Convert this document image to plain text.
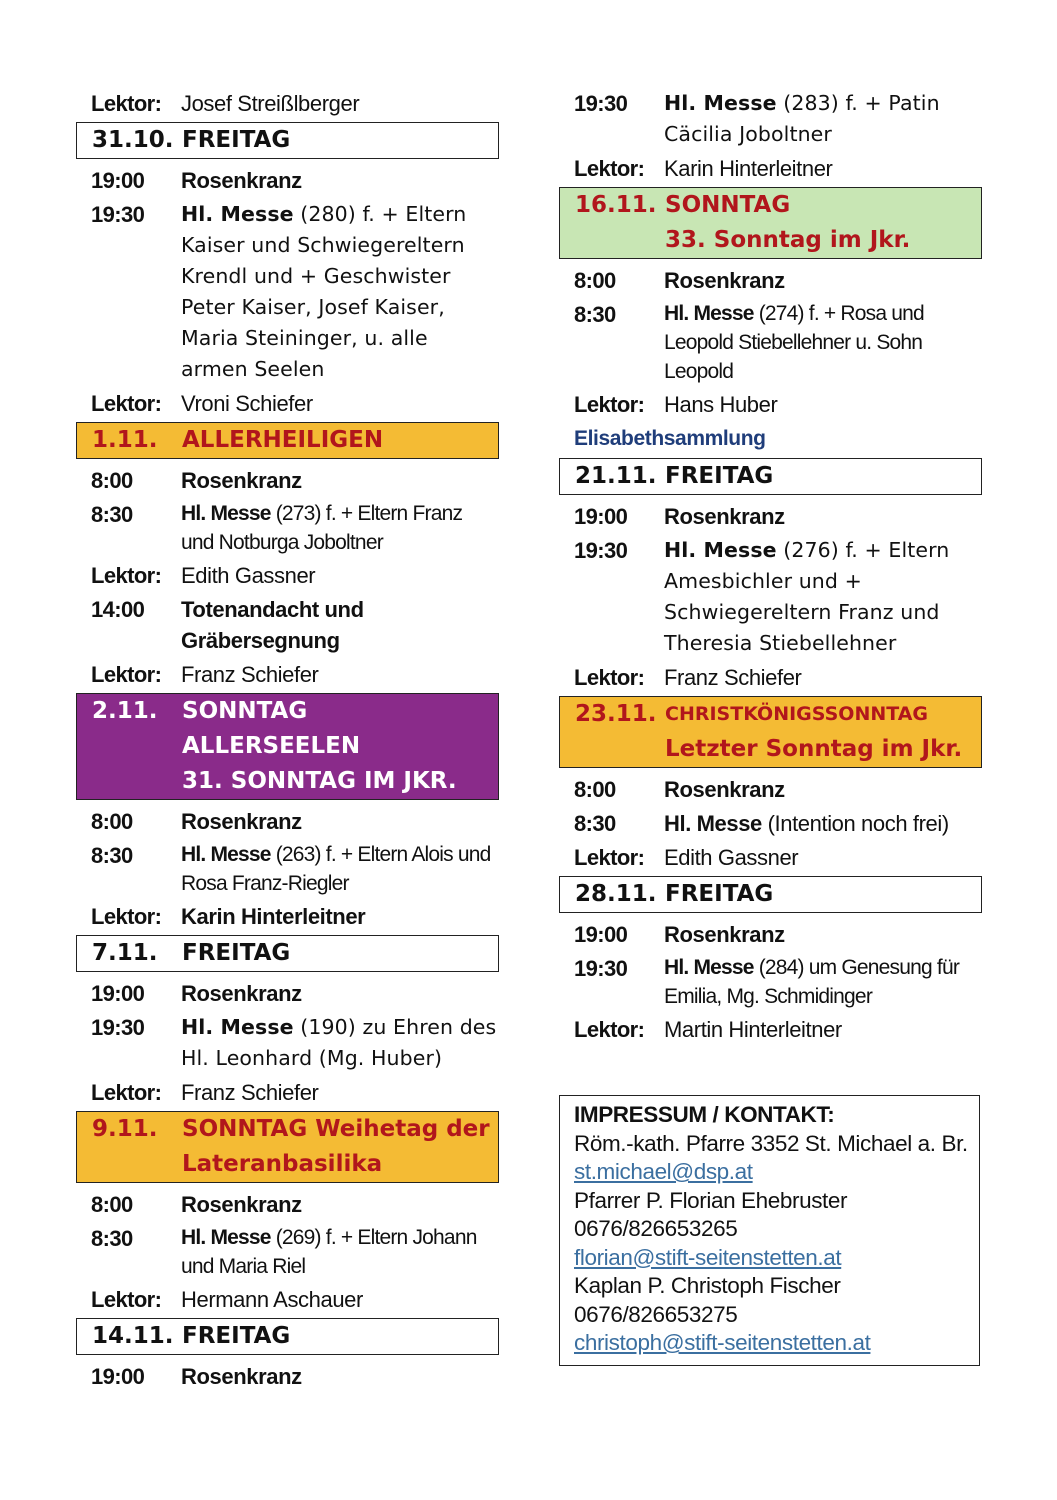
Lektor: Josef Streißlberger
31.10. FREITAG
19:00	Rosenkranz
19:30	Hl. Messe (280) f. + Eltern Kaiser und Schwiegereltern Krendl und + Geschwister Peter Kaiser, Josef Kaiser, Maria Steininger, u. alle armen Seelen
Lektor: Vroni Schiefer
1.11.	ALLERHEILIGEN
8:00	Rosenkranz
8:30	Hl. Messe (273) f. + Eltern Franz und Notburga Joboltner
Lektor: Edith Gassner
14:00	Totenandacht und Gräbersegnung
Lektor: Franz Schiefer
2.11.	SONNTAG
ALLERSEELEN
31. SONNTAG IM JKR.
8:00	Rosenkranz
8:30	Hl. Messe (263) f. + Eltern Alois und Rosa Franz-Riegler
Lektor: Karin Hinterleitner
7.11.	FREITAG
19:00	Rosenkranz
19:30	Hl. Messe (190) zu Ehren des Hl. Leonhard (Mg. Huber)
Lektor: Franz Schiefer
9.11.	SONNTAG Weihetag der Lateranbasilika
8:00	Rosenkranz
8:30	Hl. Messe (269) f. + Eltern Johann und Maria Riel
Lektor: Hermann Aschauer
14.11. FREITAG
19:00	Rosenkranz
19:30	Hl. Messe (283) f. + Patin Cäcilia Joboltner
Lektor: Karin Hinterleitner
16.11. SONNTAG
33. Sonntag im Jkr.
8:00	Rosenkranz
8:30	Hl. Messe (274) f. + Rosa und Leopold Stiebellehner u. Sohn Leopold
Lektor: Hans Huber
Elisabethsammlung
21.11. FREITAG
19:00	Rosenkranz
19:30	Hl. Messe (276) f. + Eltern Amesbichler und + Schwiegereltern Franz und Theresia Stiebellehner
Lektor: Franz Schiefer
23.11. CHRISTKÖNIGSSONNTAG
Letzter Sonntag im Jkr.
8:00	Rosenkranz
8:30	Hl. Messe (Intention noch frei)
Lektor: Edith Gassner
28.11. FREITAG
19:00	Rosenkranz
19:30	Hl. Messe (284) um Genesung für Emilia, Mg. Schmidinger
Lektor: Martin Hinterleitner
IMPRESSUM / KONTAKT:
Röm.-kath. Pfarre 3352 St. Michael a. Br.
st.michael@dsp.at
Pfarrer P. Florian Ehebruster
0676/826653265
florian@stift-seitenstetten.at
Kaplan P. Christoph Fischer
0676/826653275
christoph@stift-seitenstetten.at
